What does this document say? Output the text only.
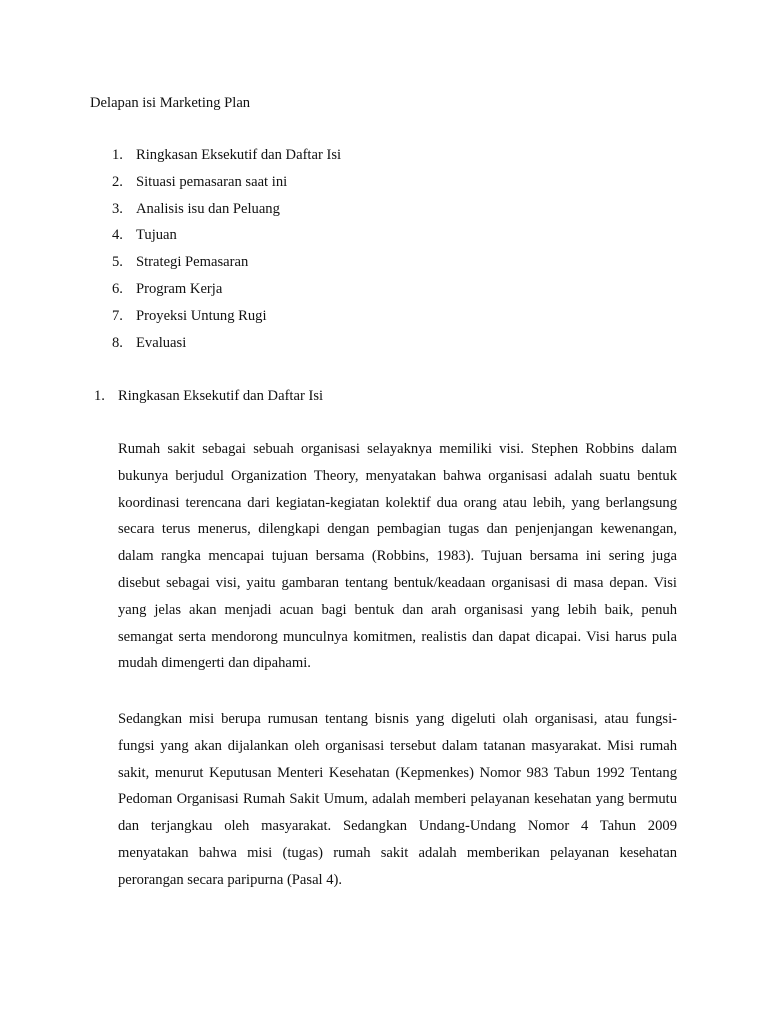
Delapan isi Marketing Plan
1. Ringkasan Eksekutif dan Daftar Isi
2. Situasi pemasaran saat ini
3. Analisis isu dan Peluang
4. Tujuan
5. Strategi Pemasaran
6. Program Kerja
7. Proyeksi Untung Rugi
8. Evaluasi
1. Ringkasan Eksekutif dan Daftar Isi

Rumah sakit sebagai sebuah organisasi selayaknya memiliki visi. Stephen Robbins dalam bukunya berjudul Organization Theory, menyatakan bahwa organisasi adalah suatu bentuk koordinasi terencana dari kegiatan-kegiatan kolektif dua orang atau lebih, yang berlangsung secara terus menerus, dilengkapi dengan pembagian tugas dan penjenjangan kewenangan, dalam rangka mencapai tujuan bersama (Robbins, 1983). Tujuan bersama ini sering juga disebut sebagai visi, yaitu gambaran tentang bentuk/keadaan organisasi di masa depan. Visi yang jelas akan menjadi acuan bagi bentuk dan arah organisasi yang lebih baik, penuh semangat serta mendorong munculnya komitmen, realistis dan dapat dicapai. Visi harus pula mudah dimengerti dan dipahami.

Sedangkan misi berupa rumusan tentang bisnis yang digeluti olah organisasi, atau fungsi-fungsi yang akan dijalankan oleh organisasi tersebut dalam tatanan masyarakat. Misi rumah sakit, menurut Keputusan Menteri Kesehatan (Kepmenkes) Nomor 983 Tabun 1992 Tentang Pedoman Organisasi Rumah Sakit Umum, adalah memberi pelayanan kesehatan yang bermutu dan terjangkau oleh masyarakat. Sedangkan Undang-Undang Nomor 4 Tahun 2009 menyatakan bahwa misi (tugas) rumah sakit adalah memberikan pelayanan kesehatan perorangan secara paripurna (Pasal 4).
